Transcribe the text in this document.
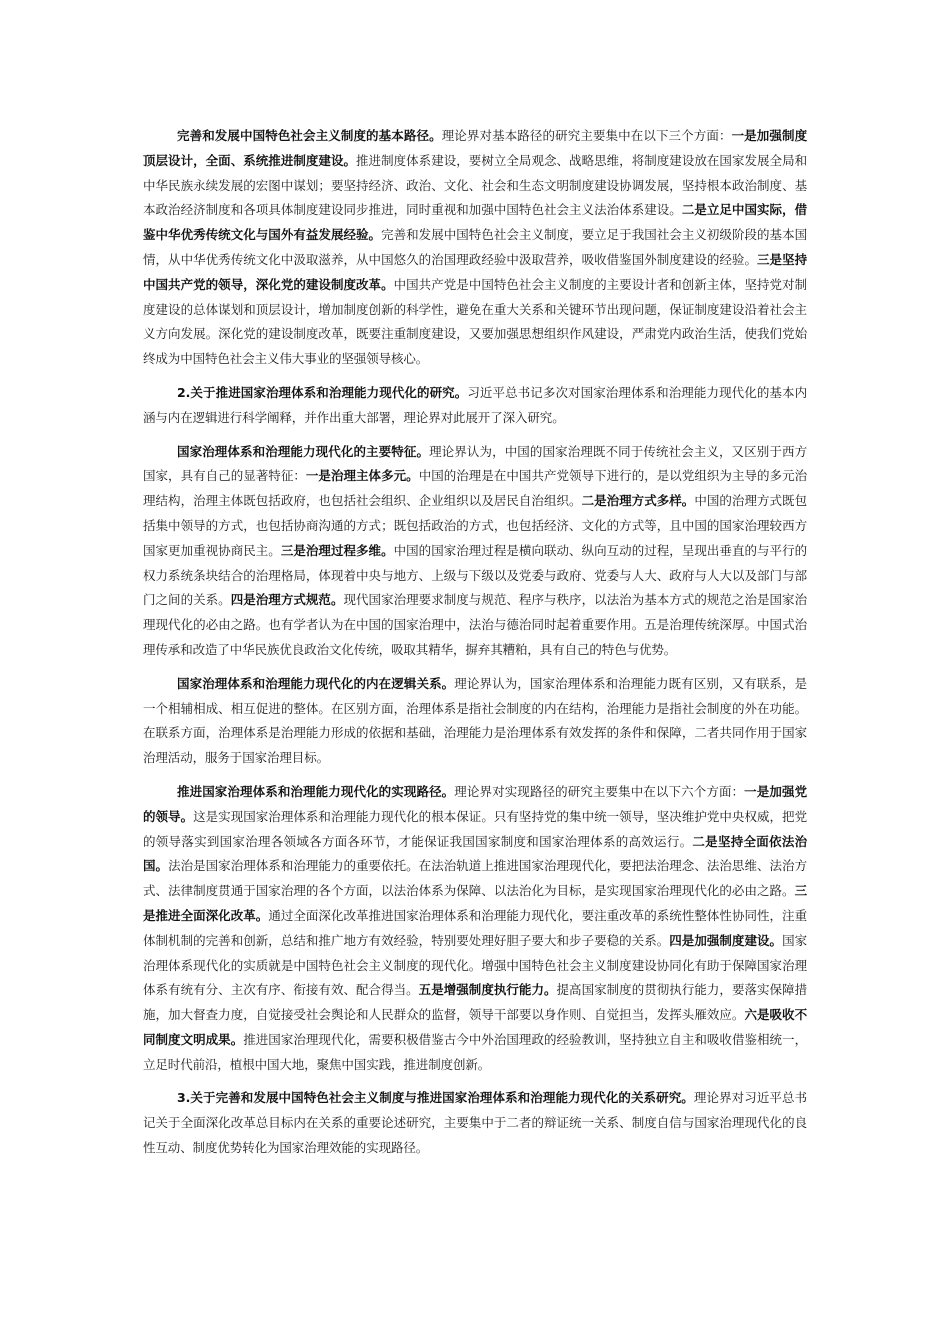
完善和发展中国特色社会主义制度的基本路径。理论界对基本路径的研究主要集中在以下三个方面：一是加强制度顶层设计，全面、系统推进制度建设。推进制度体系建设，要树立全局观念、战略思维，将制度建设放在国家发展全局和中华民族永续发展的宏图中谋划；要坚持经济、政治、文化、社会和生态文明制度建设协调发展，坚持根本政治制度、基本政治经济制度和各项具体制度建设同步推进，同时重视和加强中国特色社会主义法治体系建设。二是立足中国实际，借鉴中华优秀传统文化与国外有益发展经验。完善和发展中国特色社会主义制度，要立足于我国社会主义初级阶段的基本国情，从中华优秀传统文化中汲取滋养，从中国悠久的治国理政经验中汲取营养，吸收借鉴国外制度建设的经验。三是坚持中国共产党的领导，深化党的建设制度改革。中国共产党是中国特色社会主义制度的主要设计者和创新主体，坚持党对制度建设的总体谋划和顶层设计，增加制度创新的科学性，避免在重大关系和关键环节出现问题，保证制度建设沿着社会主义方向发展。深化党的建设制度改革，既要注重制度建设，又要加强思想组织作风建设，严肃党内政治生活，使我们党始终成为中国特色社会主义伟大事业的坚强领导核心。

2.关于推进国家治理体系和治理能力现代化的研究。习近平总书记多次对国家治理体系和治理能力现代化的基本内涵与内在逻辑进行科学阐释，并作出重大部署，理论界对此展开了深入研究。

国家治理体系和治理能力现代化的主要特征。理论界认为，中国的国家治理既不同于传统社会主义，又区别于西方国家，具有自己的显著特征：一是治理主体多元。中国的治理是在中国共产党领导下进行的，是以党组织为主导的多元治理结构，治理主体既包括政府，也包括社会组织、企业组织以及居民自治组织。二是治理方式多样。中国的治理方式既包括集中领导的方式，也包括协商沟通的方式；既包括政治的方式，也包括经济、文化的方式等，且中国的国家治理较西方国家更加重视协商民主。三是治理过程多维。中国的国家治理过程是横向联动、纵向互动的过程，呈现出垂直的与平行的权力系统条块结合的治理格局，体现着中央与地方、上级与下级以及党委与政府、党委与人大、政府与人大以及部门与部门之间的关系。四是治理方式规范。现代国家治理要求制度与规范、程序与秩序，以法治为基本方式的规范之治是国家治理现代化的必由之路。也有学者认为在中国的国家治理中，法治与德治同时起着重要作用。五是治理传统深厚。中国式治理传承和改造了中华民族优良政治文化传统，吸取其精华，摒弃其糟粕，具有自己的特色与优势。

国家治理体系和治理能力现代化的内在逻辑关系。理论界认为，国家治理体系和治理能力既有区别，又有联系，是一个相辅相成、相互促进的整体。在区别方面，治理体系是指社会制度的内在结构，治理能力是指社会制度的外在功能。在联系方面，治理体系是治理能力形成的依据和基础，治理能力是治理体系有效发挥的条件和保障，二者共同作用于国家治理活动，服务于国家治理目标。

推进国家治理体系和治理能力现代化的实现路径。理论界对实现路径的研究主要集中在以下六个方面：一是加强党的领导。这是实现国家治理体系和治理能力现代化的根本保证。只有坚持党的集中统一领导，坚决维护党中央权威，把党的领导落实到国家治理各领域各方面各环节，才能保证我国国家制度和国家治理体系的高效运行。二是坚持全面依法治国。法治是国家治理体系和治理能力的重要依托。在法治轨道上推进国家治理现代化，要把法治理念、法治思维、法治方式、法律制度贯通于国家治理的各个方面，以法治体系为保障、以法治化为目标，是实现国家治理现代化的必由之路。三是推进全面深化改革。通过全面深化改革推进国家治理体系和治理能力现代化，要注重改革的系统性整体性协同性，注重体制机制的完善和创新，总结和推广地方有效经验，特别要处理好胆子要大和步子要稳的关系。四是加强制度建设。国家治理体系现代化的实质就是中国特色社会主义制度的现代化。增强中国特色社会主义制度建设协同化有助于保障国家治理体系有统有分、主次有序、衔接有效、配合得当。五是增强制度执行能力。提高国家制度的贯彻执行能力，要落实保障措施，加大督查力度，自觉接受社会舆论和人民群众的监督，领导干部要以身作则、自觉担当，发挥头雁效应。六是吸收不同制度文明成果。推进国家治理现代化，需要积极借鉴古今中外治国理政的经验教训，坚持独立自主和吸收借鉴相统一，立足时代前沿，植根中国大地，聚焦中国实践，推进制度创新。

3.关于完善和发展中国特色社会主义制度与推进国家治理体系和治理能力现代化的关系研究。理论界对习近平总书记关于全面深化改革总目标内在关系的重要论述研究，主要集中于二者的辩证统一关系、制度自信与国家治理现代化的良性互动、制度优势转化为国家治理效能的实现路径。
